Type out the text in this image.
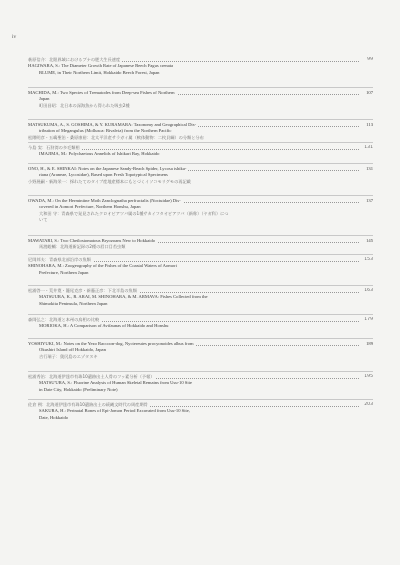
iv
萩原信介：北限界域におけるブナの肥大生長速度	99
HAGIWARA, S.: The Diameter Growth Rate of Japanese Beech Fagus crenata
BLUME, in Their Northern Limit, Hokkaido Beech Forest, Japan
MACHIDA, M.: Two Species of Trematodes from Deep-sea Fishes of Northern	107
Japan
町田昌昭：北日本の深海魚から得られた吸虫2種
MATSUKUMA, A., S. GOSHIMA, & Y. KURAMARA: Taxonomy and Geographical Dis-	113
tribution of Megangulus (Mollusca: Bivalvia) from the Northern Pacific
松隈明彦・五嶋聖治・桑原康裕：北太平洋産サラガイ属（軟体動物：二枚貝綱）の分類と分布
今島 実：石狩湾の多毛類相	131
IMAJIMA, M.: Polychaetous Annelids of Ishikari Bay, Hokkaido
ONO, H., & E. SHINKAI: Notes on the Japanese Sandy-Beach Spider, Lycosa ishika-	131
riana (Araneae, Lycosidae), Based upon Fresh Topotypical Specimens
小野展嗣・新海栄一：採れたてのタイプ産地産標本にもとづくイソコモリグモの再記載
OWADA, M.: On the Herminiine Moth Zanclognatha perfractalis (Noctuidae) Dis-	137
covered in Aomori Prefecture, Northern Honshu, Japan
大和田 守：青森県で発見されたクロオビアツバ属の1種サカイフタオビアツバ（新称）（ヤガ科）につ
いて
MAWATARI, S.: Two Cheilostomatous Bryozoans New to Hokkaido	145
馬渡峻輔：北海道新記録の2種の唇口目苔虫類
尼岡邦夫：青森県北部沿岸の魚類	153
SHINOHARA, M.: Zoogeography of the Fishes of the Coastal Waters of Aomori
Prefecture, Northern Japan
松浦啓一・荒井寛・籠尾克彦・新藤正彦：下北半島の魚類	163
MATSUURA, K., R. ARAI, M. SHINOHARA, & M. ARMAVA: Fishes Collected from the
Shimokita Peninsula, Northern Japan
森岡弘之：北海道と本州の鳥相の比較	179
MORIOKA, H.: A Comparison of Avifaunas of Hokkaido and Honshu
YOSHIYUKI, M.: Notes on the Yezo Raccoon-dog, Nyctereutes procyonoides albus from	189
Okushiri Island off Hokkaido, Japan
吉行瑞子：奥尻島のエゾタヌキ
松浦秀治：北海道伊達市有珠10遺跡出土人骨のフッ素分析（予報）	195
MATSU'URA, S.: Fluorine Analysis of Human Skeletal Remains from Usu-10 Site
in Date City, Hokkaido (Preliminary Note)
佐倉 朔：北海道伊達市有珠10遺跡出土の続縄文時代の周産期骨	203
SAKURA, H.: Perinatal Bones of Epi-Jomon Period Excavated from Usu-10 Site,
Date, Hokkaido
